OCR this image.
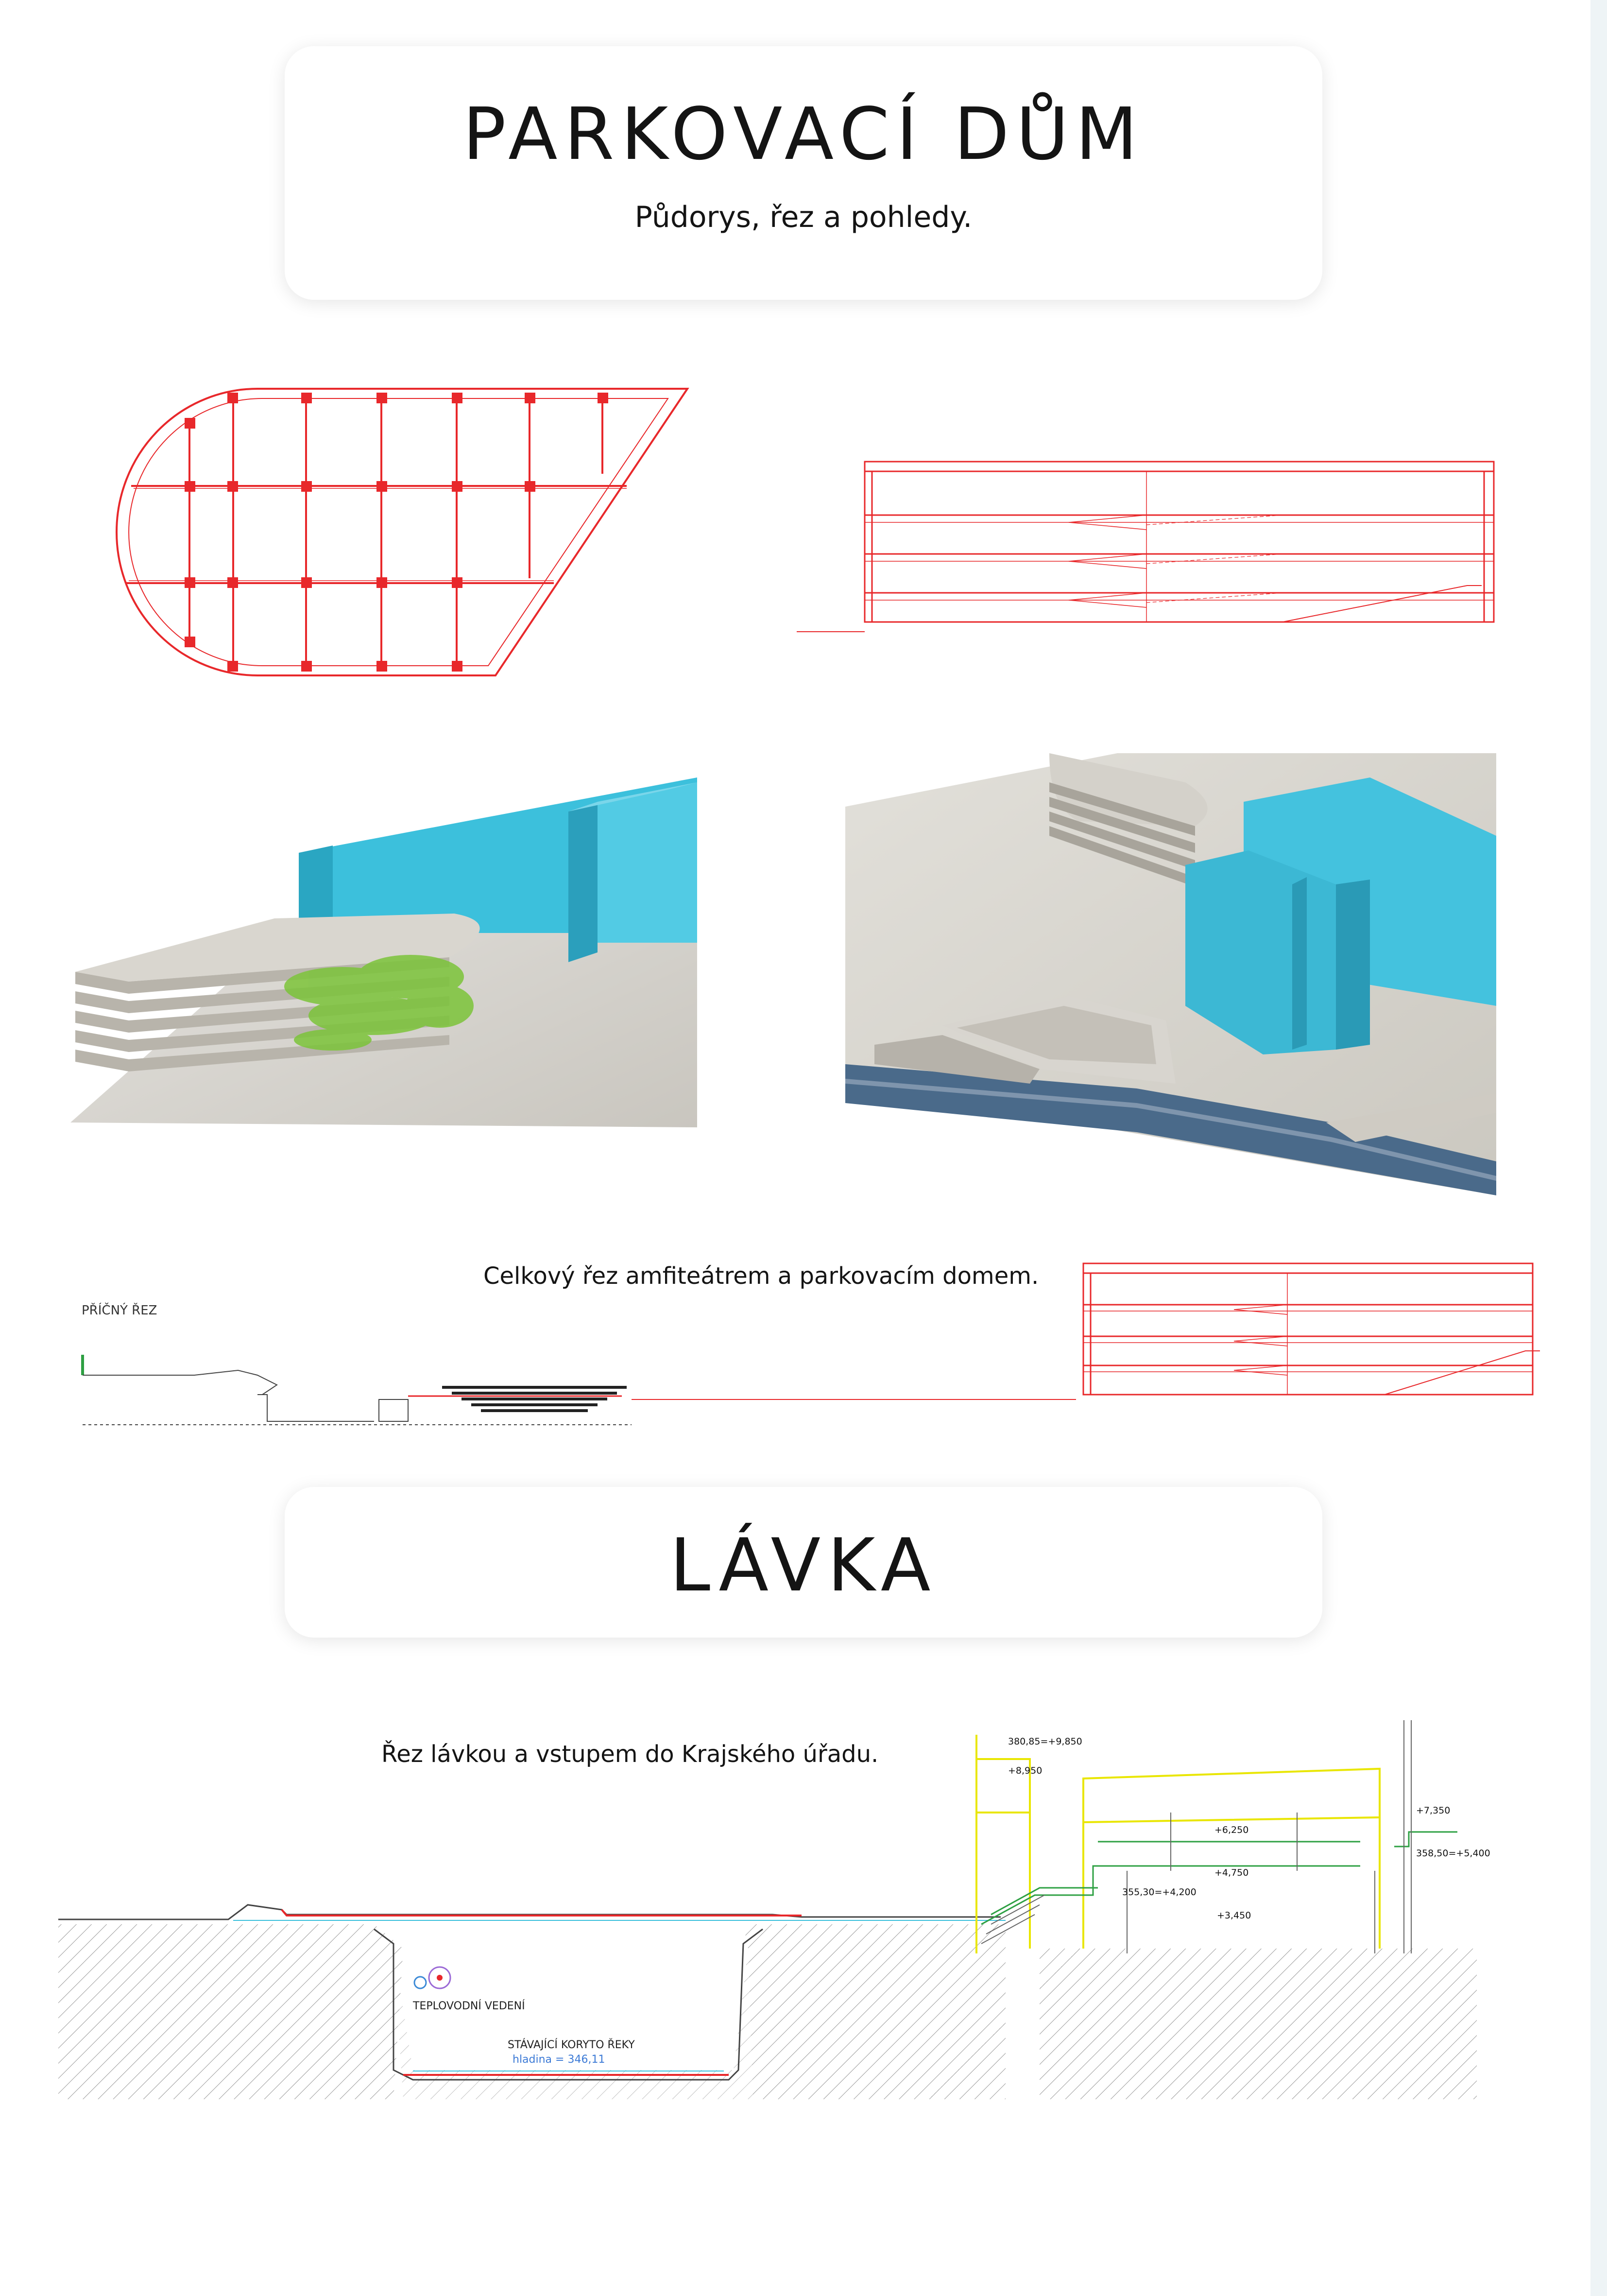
PARKOVACÍ DŮM

Půdorys, řez a pohledy.

Celkový řez amfiteátrem a parkovacím domem.
PŘÍČNÝ ŘEZ
LÁVKA
Řez lávkou a vstupem do Krajského úřadu.
TEPLOVODNÍ VEDENÍ
STÁVAJÍCÍ KORYTO ŘEKY
hladina = 346,11
380,85=+9,850
+8,950
+7,350
+6,250
358,50=+5,400
+4,750
355,30=+4,200
+3,450
